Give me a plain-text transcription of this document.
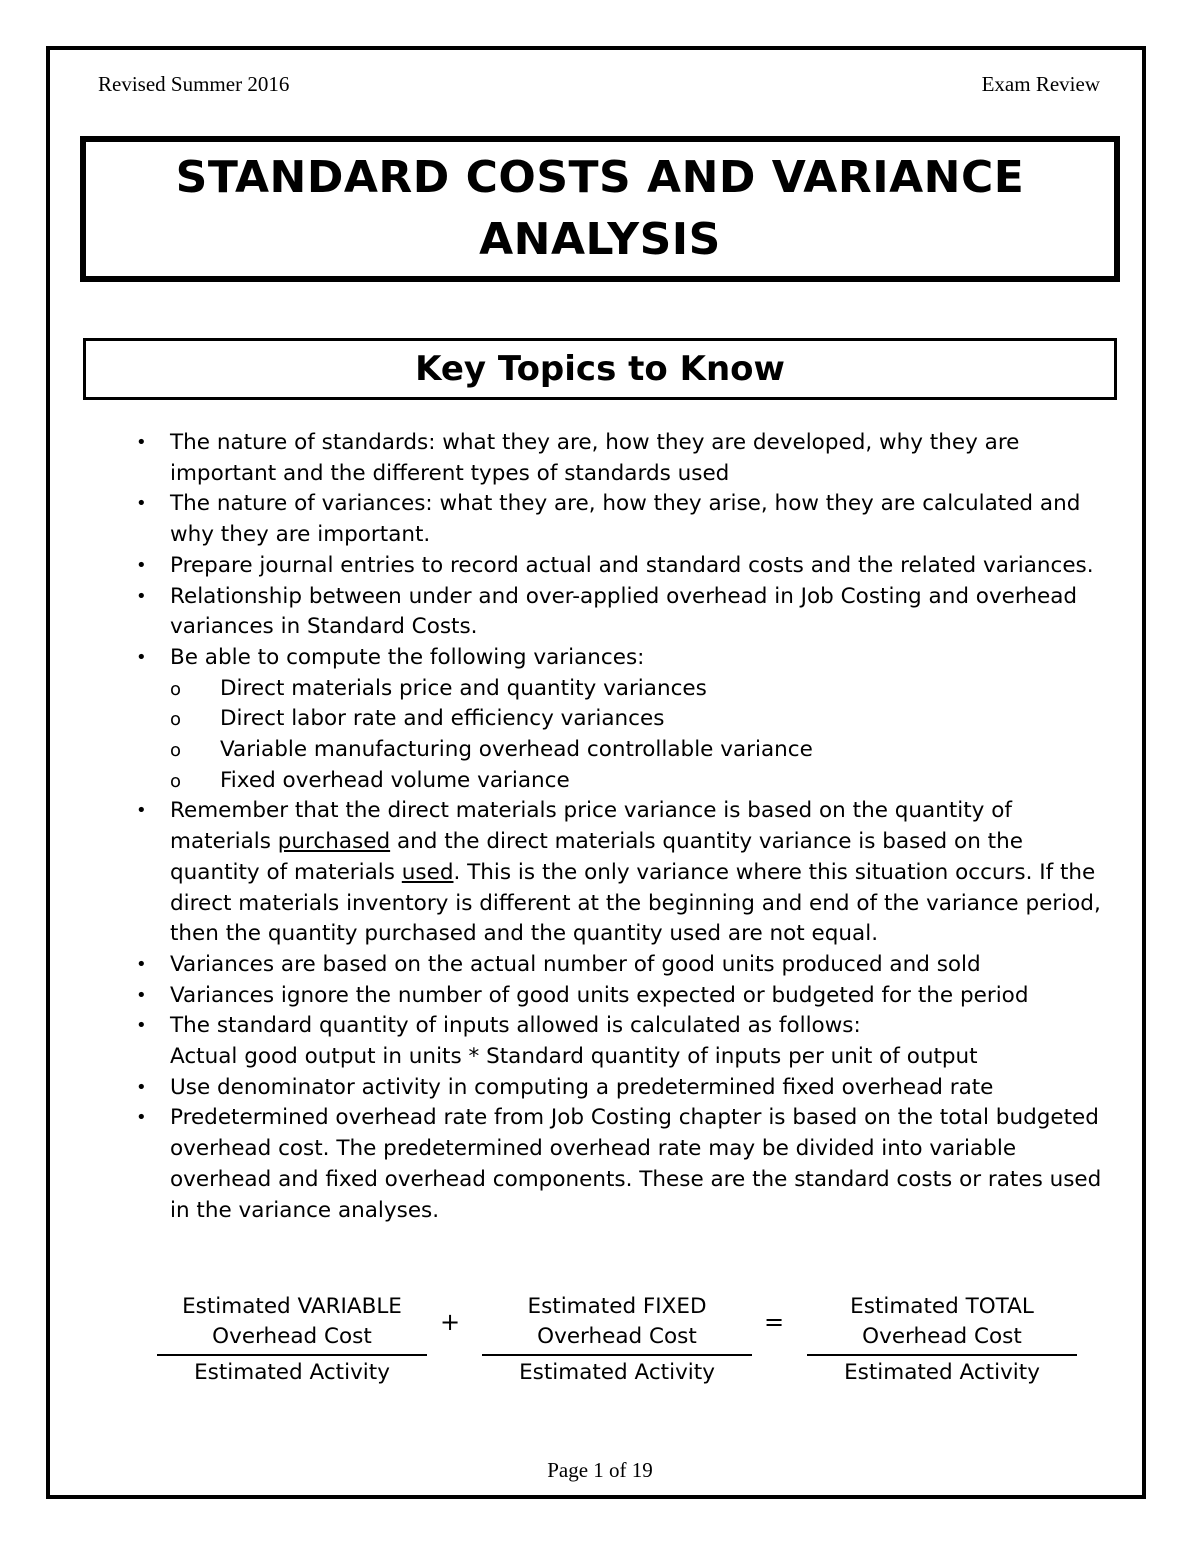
Revised Summer 2016	Exam Review
STANDARD COSTS AND VARIANCE
ANALYSIS
Key Topics to Know
• The nature of standards: what they are, how they are developed, why they are important and the different types of standards used
• The nature of variances: what they are, how they arise, how they are calculated and why they are important.
• Prepare journal entries to record actual and standard costs and the related variances.
• Relationship between under and over-applied overhead in Job Costing and overhead variances in Standard Costs.
• Be able to compute the following variances:
o Direct materials price and quantity variances
o Direct labor rate and efficiency variances
o Variable manufacturing overhead controllable variance
o Fixed overhead volume variance
• Remember that the direct materials price variance is based on the quantity of materials purchased and the direct materials quantity variance is based on the quantity of materials used. This is the only variance where this situation occurs. If the direct materials inventory is different at the beginning and end of the variance period, then the quantity purchased and the quantity used are not equal.
• Variances are based on the actual number of good units produced and sold
• Variances ignore the number of good units expected or budgeted for the period
• The standard quantity of inputs allowed is calculated as follows:
Actual good output in units * Standard quantity of inputs per unit of output
• Use denominator activity in computing a predetermined fixed overhead rate
• Predetermined overhead rate from Job Costing chapter is based on the total budgeted overhead cost. The predetermined overhead rate may be divided into variable overhead and fixed overhead components. These are the standard costs or rates used in the variance analyses.
Estimated VARIABLE
Overhead Cost
Estimated Activity
+
Estimated FIXED
Overhead Cost
Estimated Activity
=
Estimated TOTAL
Overhead Cost
Estimated Activity
Page 1 of 19
